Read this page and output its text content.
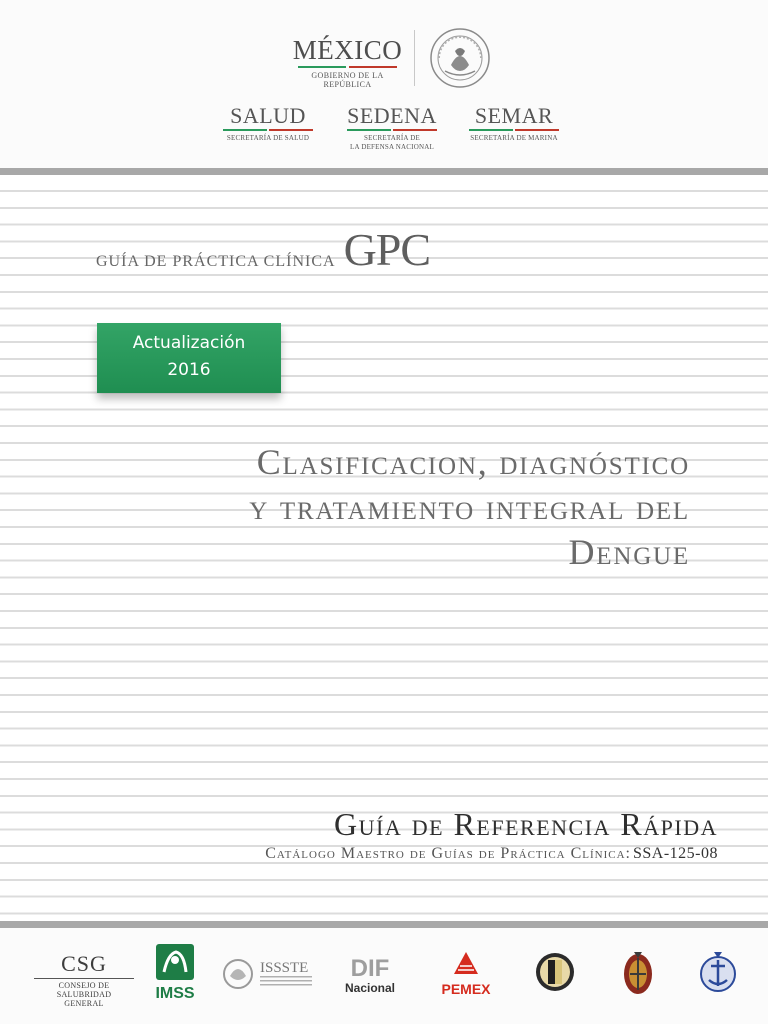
MÉXICO
GOBIERNO DE LA REPÚBLICA
SALUD
SECRETARÍA DE SALUD
SEDENA
SECRETARÍA DE
LA DEFENSA NACIONAL
SEMAR
SECRETARÍA DE MARINA
GUÍA DE PRÁCTICA CLÍNICA GPC
Actualización
2016
Clasificacion, diagnóstico
y tratamiento integral del
Dengue
Guía de Referencia Rápida
Catálogo Maestro de Guías de Práctica Clínica: SSA-125-08
CSG
CONSEJO DE SALUBRIDAD
GENERAL
IMSS
ISSSTE DIF
Nacional	PEMEX
